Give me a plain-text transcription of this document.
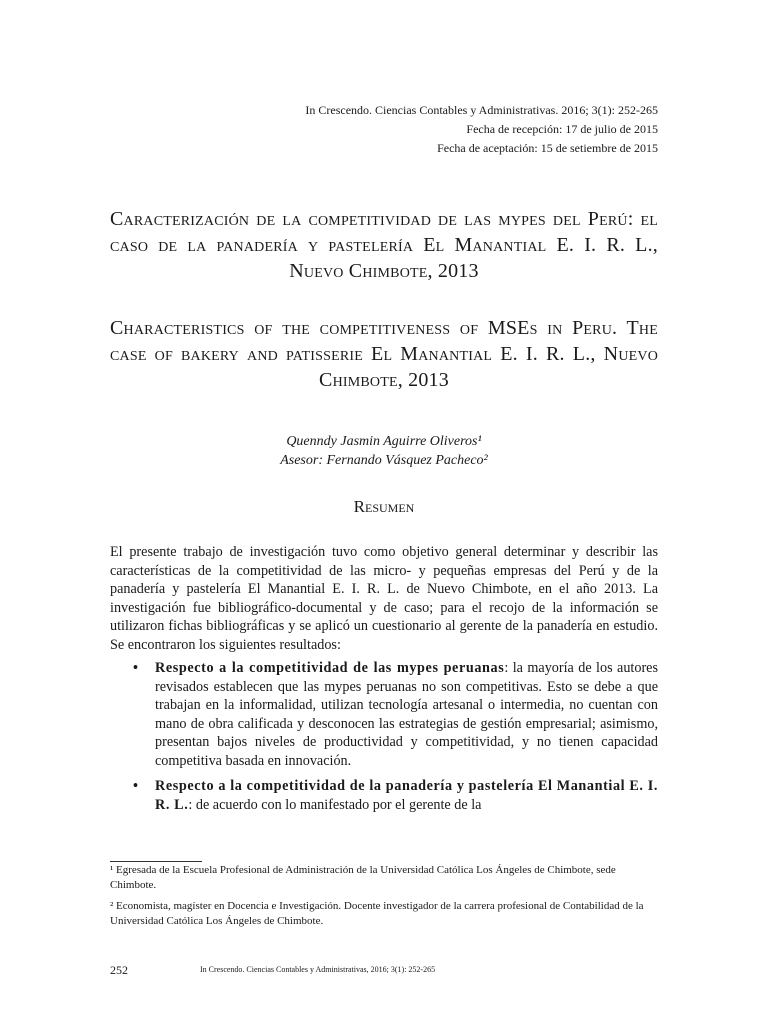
In Crescendo. Ciencias Contables y Administrativas. 2016; 3(1): 252-265
Fecha de recepción: 17 de julio de 2015
Fecha de aceptación: 15 de setiembre de 2015
Caracterización de la competitividad de las mypes del Perú: el caso de la panadería y pastelería El Manantial E. I. R. L., Nuevo Chimbote, 2013
Characteristics of the competitiveness of MSEs in Peru. The case of bakery and patisserie El Manantial E. I. R. L., Nuevo Chimbote, 2013
Quenndy Jasmin Aguirre Oliveros¹
Asesor: Fernando Vásquez Pacheco²
Resumen

El presente trabajo de investigación tuvo como objetivo general determinar y describir las características de la competitividad de las micro- y pequeñas empresas del Perú y de la panadería y pastelería El Manantial E. I. R. L. de Nuevo Chimbote, en el año 2013. La investigación fue bibliográfico-documental y de caso; para el recojo de la información se utilizaron fichas bibliográficas y se aplicó un cuestionario al gerente de la panadería en estudio. Se encontraron los siguientes resultados:

• Respecto a la competitividad de las mypes peruanas: la mayoría de los autores revisados establecen que las mypes peruanas no son competitivas. Esto se debe a que trabajan en la informalidad, utilizan tecnología artesanal o intermedia, no cuentan con mano de obra calificada y desconocen las estrategias de gestión empresarial; asimismo, presentan bajos niveles de productividad y competitividad, y no tienen capacidad competitiva basada en innovación.
• Respecto a la competitividad de la panadería y pastelería El Manantial E. I. R. L.: de acuerdo con lo manifestado por el gerente de la

¹ Egresada de la Escuela Profesional de Administración de la Universidad Católica Los Ángeles de Chimbote, sede Chimbote.

² Economista, magíster en Docencia e Investigación. Docente investigador de la carrera profesional de Contabilidad de la Universidad Católica Los Ángeles de Chimbote.

252	In Crescendo. Ciencias Contables y Administrativas, 2016; 3(1): 252-265
